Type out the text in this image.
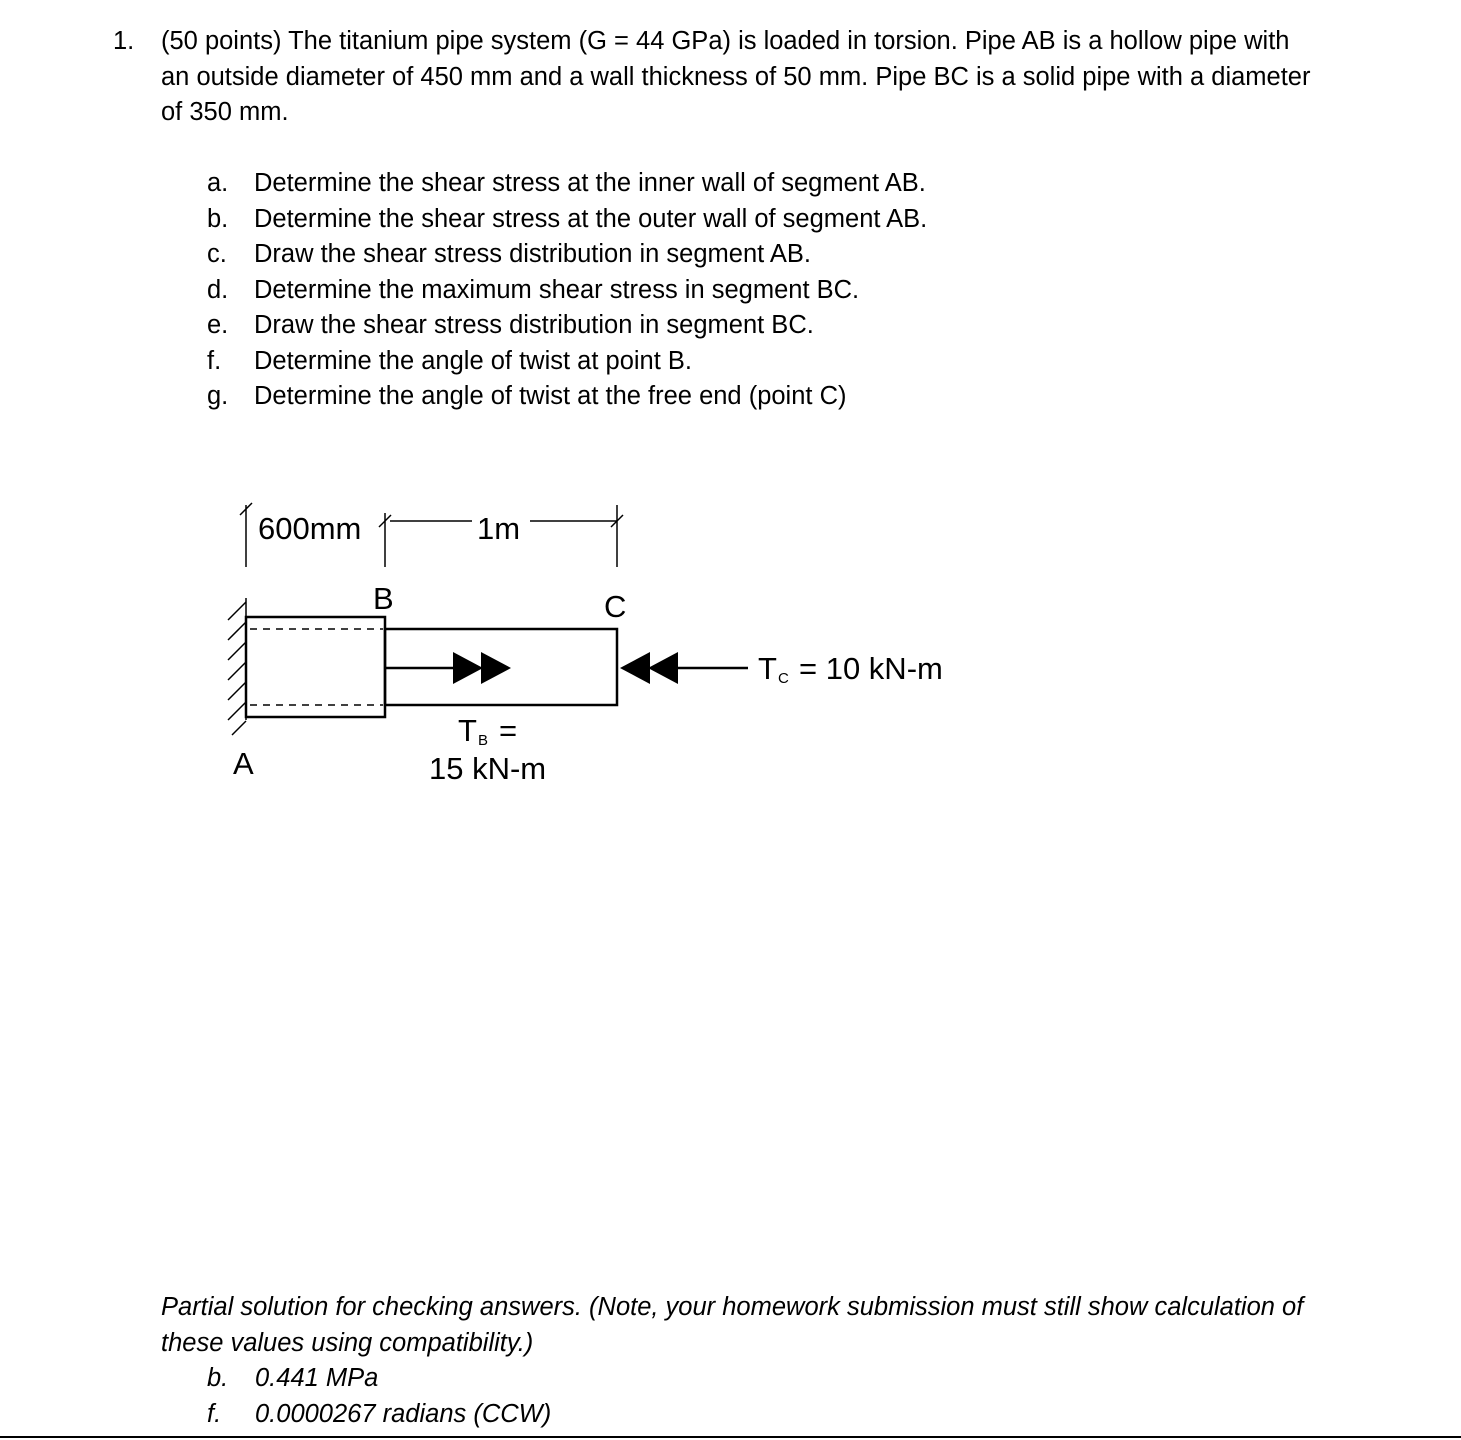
1. (50 points) The titanium pipe system (G = 44 GPa) is loaded in torsion. Pipe AB is a hollow pipe with an outside diameter of 450 mm and a wall thickness of 50 mm. Pipe BC is a solid pipe with a diameter of 350 mm.
a. Determine the shear stress at the inner wall of segment AB.
b. Determine the shear stress at the outer wall of segment AB.
c. Draw the shear stress distribution in segment AB.
d. Determine the maximum shear stress in segment BC.
e. Draw the shear stress distribution in segment BC.
f. Determine the angle of twist at point B.
g. Determine the angle of twist at the free end (point C)
600mm	1m
A
B	C
T B =
15 kN-m
T C = 10 kN-m

Partial solution for checking answers. (Note, your homework submission must still show calculation of these values using compatibility.)

b. 0.441 MPa
f. 0.0000267 radians (CCW)
